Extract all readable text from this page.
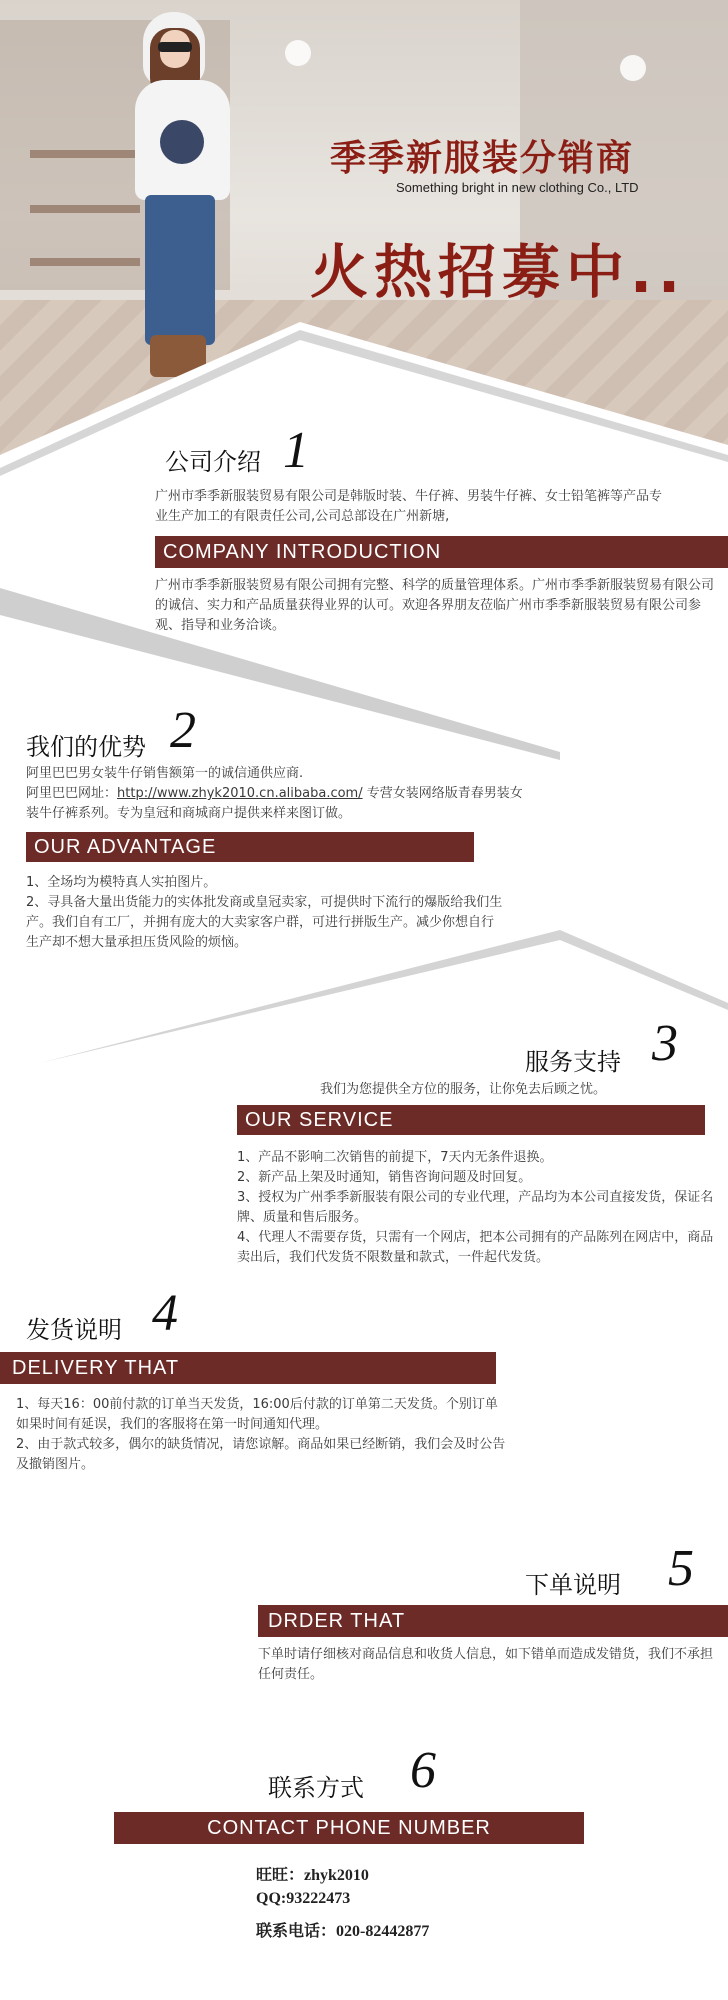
季季新服装分销商
Something bright in new clothing Co., LTD
火热招募中..
公司介绍 1
广州市季季新服装贸易有限公司是韩版时装、牛仔裤、男装牛仔裤、女士铅笔裤等产品专业生产加工的有限责任公司,公司总部设在广州新塘,
COMPANY INTRODUCTION
广州市季季新服装贸易有限公司拥有完整、科学的质量管理体系。广州市季季新服装贸易有限公司的诚信、实力和产品质量获得业界的认可。欢迎各界朋友莅临广州市季季新服装贸易有限公司参观、指导和业务洽谈。
我们的优势 2

阿里巴巴男女装牛仔销售额第一的诚信通供应商.

阿里巴巴网址：http://www.zhyk2010.cn.alibaba.com/ 专营女装网络版青春男装女装牛仔裤系列。专为皇冠和商城商户提供来样来图订做。

OUR ADVANTAGE

1、全场均为模特真人实拍图片。

2、寻具备大量出货能力的实体批发商或皇冠卖家，可提供时下流行的爆版给我们生产。我们自有工厂，并拥有庞大的大卖家客户群，可进行拼版生产。减少你想自行生产却不想大量承担压货风险的烦恼。

服务支持 3
我们为您提供全方位的服务，让你免去后顾之忧。
OUR SERVICE

1、产品不影响二次销售的前提下，7天内无条件退换。

2、新产品上架及时通知，销售咨询问题及时回复。

3、授权为广州季季新服装有限公司的专业代理，产品均为本公司直接发货，保证名牌、质量和售后服务。

4、代理人不需要存货，只需有一个网店，把本公司拥有的产品陈列在网店中，商品卖出后，我们代发货不限数量和款式，一件起代发货。

发货说明 4
DELIVERY THAT

1、每天16：00前付款的订单当天发货，16:00后付款的订单第二天发货。个别订单如果时间有延误，我们的客服将在第一时间通知代理。

2、由于款式较多，偶尔的缺货情况，请您谅解。商品如果已经断销，我们会及时公告及撤销图片。

下单说明 5
DRDER THAT
下单时请仔细核对商品信息和收货人信息，如下错单而造成发错货，我们不承担任何责任。
联系方式 6
CONTACT PHONE NUMBER
旺旺：zhyk2010
QQ:93222473
联系电话：020-82442877
